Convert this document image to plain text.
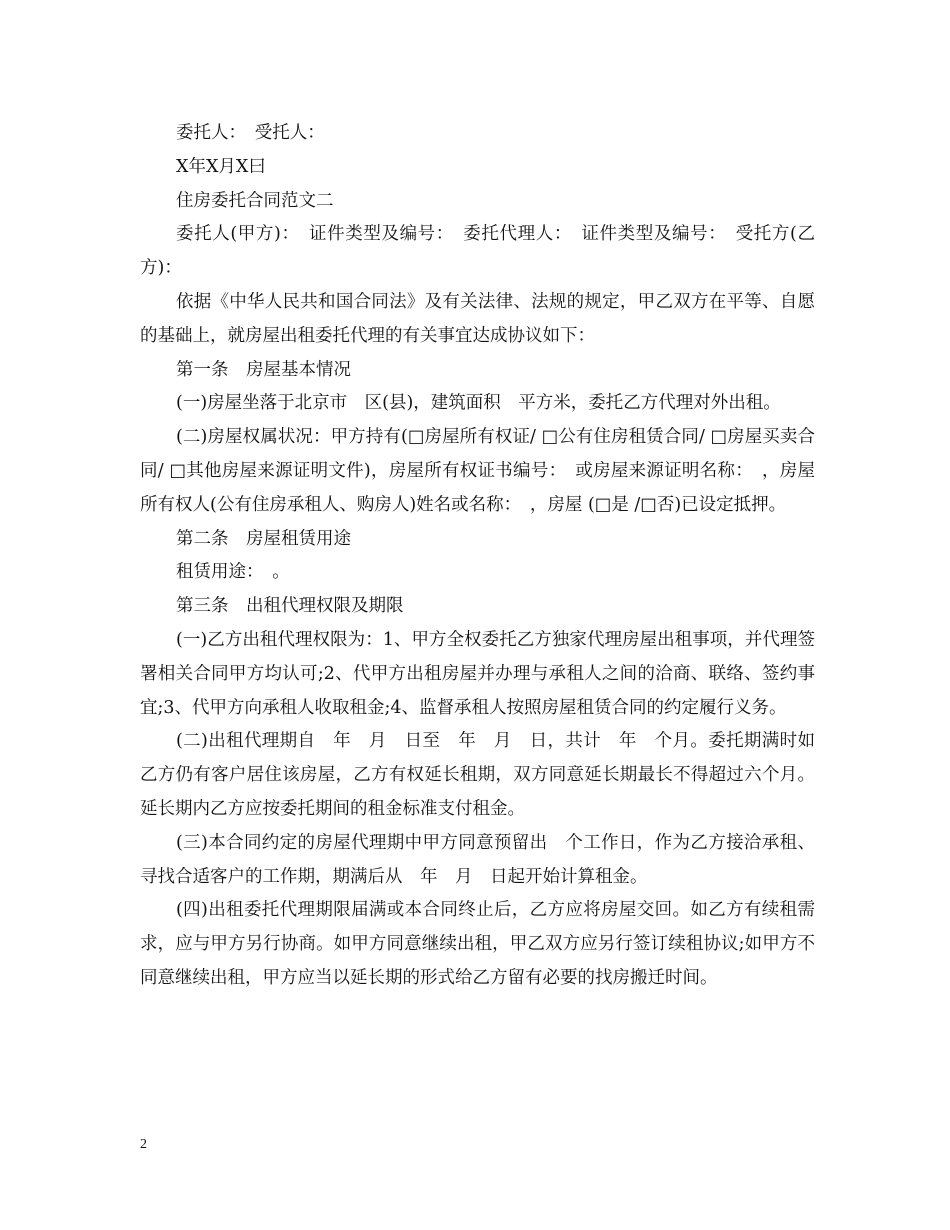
委托人：　受托人：

X年X月X曰

住房委托合同范文二

委托人(甲方)：　证件类型及编号：　委托代理人：　证件类型及编号：　受托方(乙方)：

依据《中华人民共和国合同法》及有关法律、法规的规定，甲乙双方在平等、自愿的基础上，就房屋出租委托代理的有关事宜达成协议如下：

第一条　房屋基本情况

(一)房屋坐落于北京市　区(县)，建筑面积　平方米，委托乙方代理对外出租。

(二)房屋权属状况：甲方持有(□房屋所有权证/ □公有住房租赁合同/ □房屋买卖合同/ □其他房屋来源证明文件)，房屋所有权证书编号：　或房屋来源证明名称：　，房屋所有权人(公有住房承租人、购房人)姓名或名称：　，房屋 (□是 /□否)已设定抵押。

第二条　房屋租赁用途

租赁用途：　。

第三条　出租代理权限及期限

(一)乙方出租代理权限为：1、甲方全权委托乙方独家代理房屋出租事项，并代理签署相关合同甲方均认可;2、代甲方出租房屋并办理与承租人之间的洽商、联络、签约事宜;3、代甲方向承租人收取租金;4、监督承租人按照房屋租赁合同的约定履行义务。

(二)出租代理期自　年　月　日至　年　月　日，共计　年　个月。委托期满时如乙方仍有客户居住该房屋，乙方有权延长租期，双方同意延长期最长不得超过六个月。延长期内乙方应按委托期间的租金标准支付租金。

(三)本合同约定的房屋代理期中甲方同意预留出　个工作日，作为乙方接洽承租、寻找合适客户的工作期，期满后从　年　月　日起开始计算租金。

(四)出租委托代理期限届满或本合同终止后，乙方应将房屋交回。如乙方有续租需求，应与甲方另行协商。如甲方同意继续出租，甲乙双方应另行签订续租协议;如甲方不同意继续出租，甲方应当以延长期的形式给乙方留有必要的找房搬迁时间。

2
